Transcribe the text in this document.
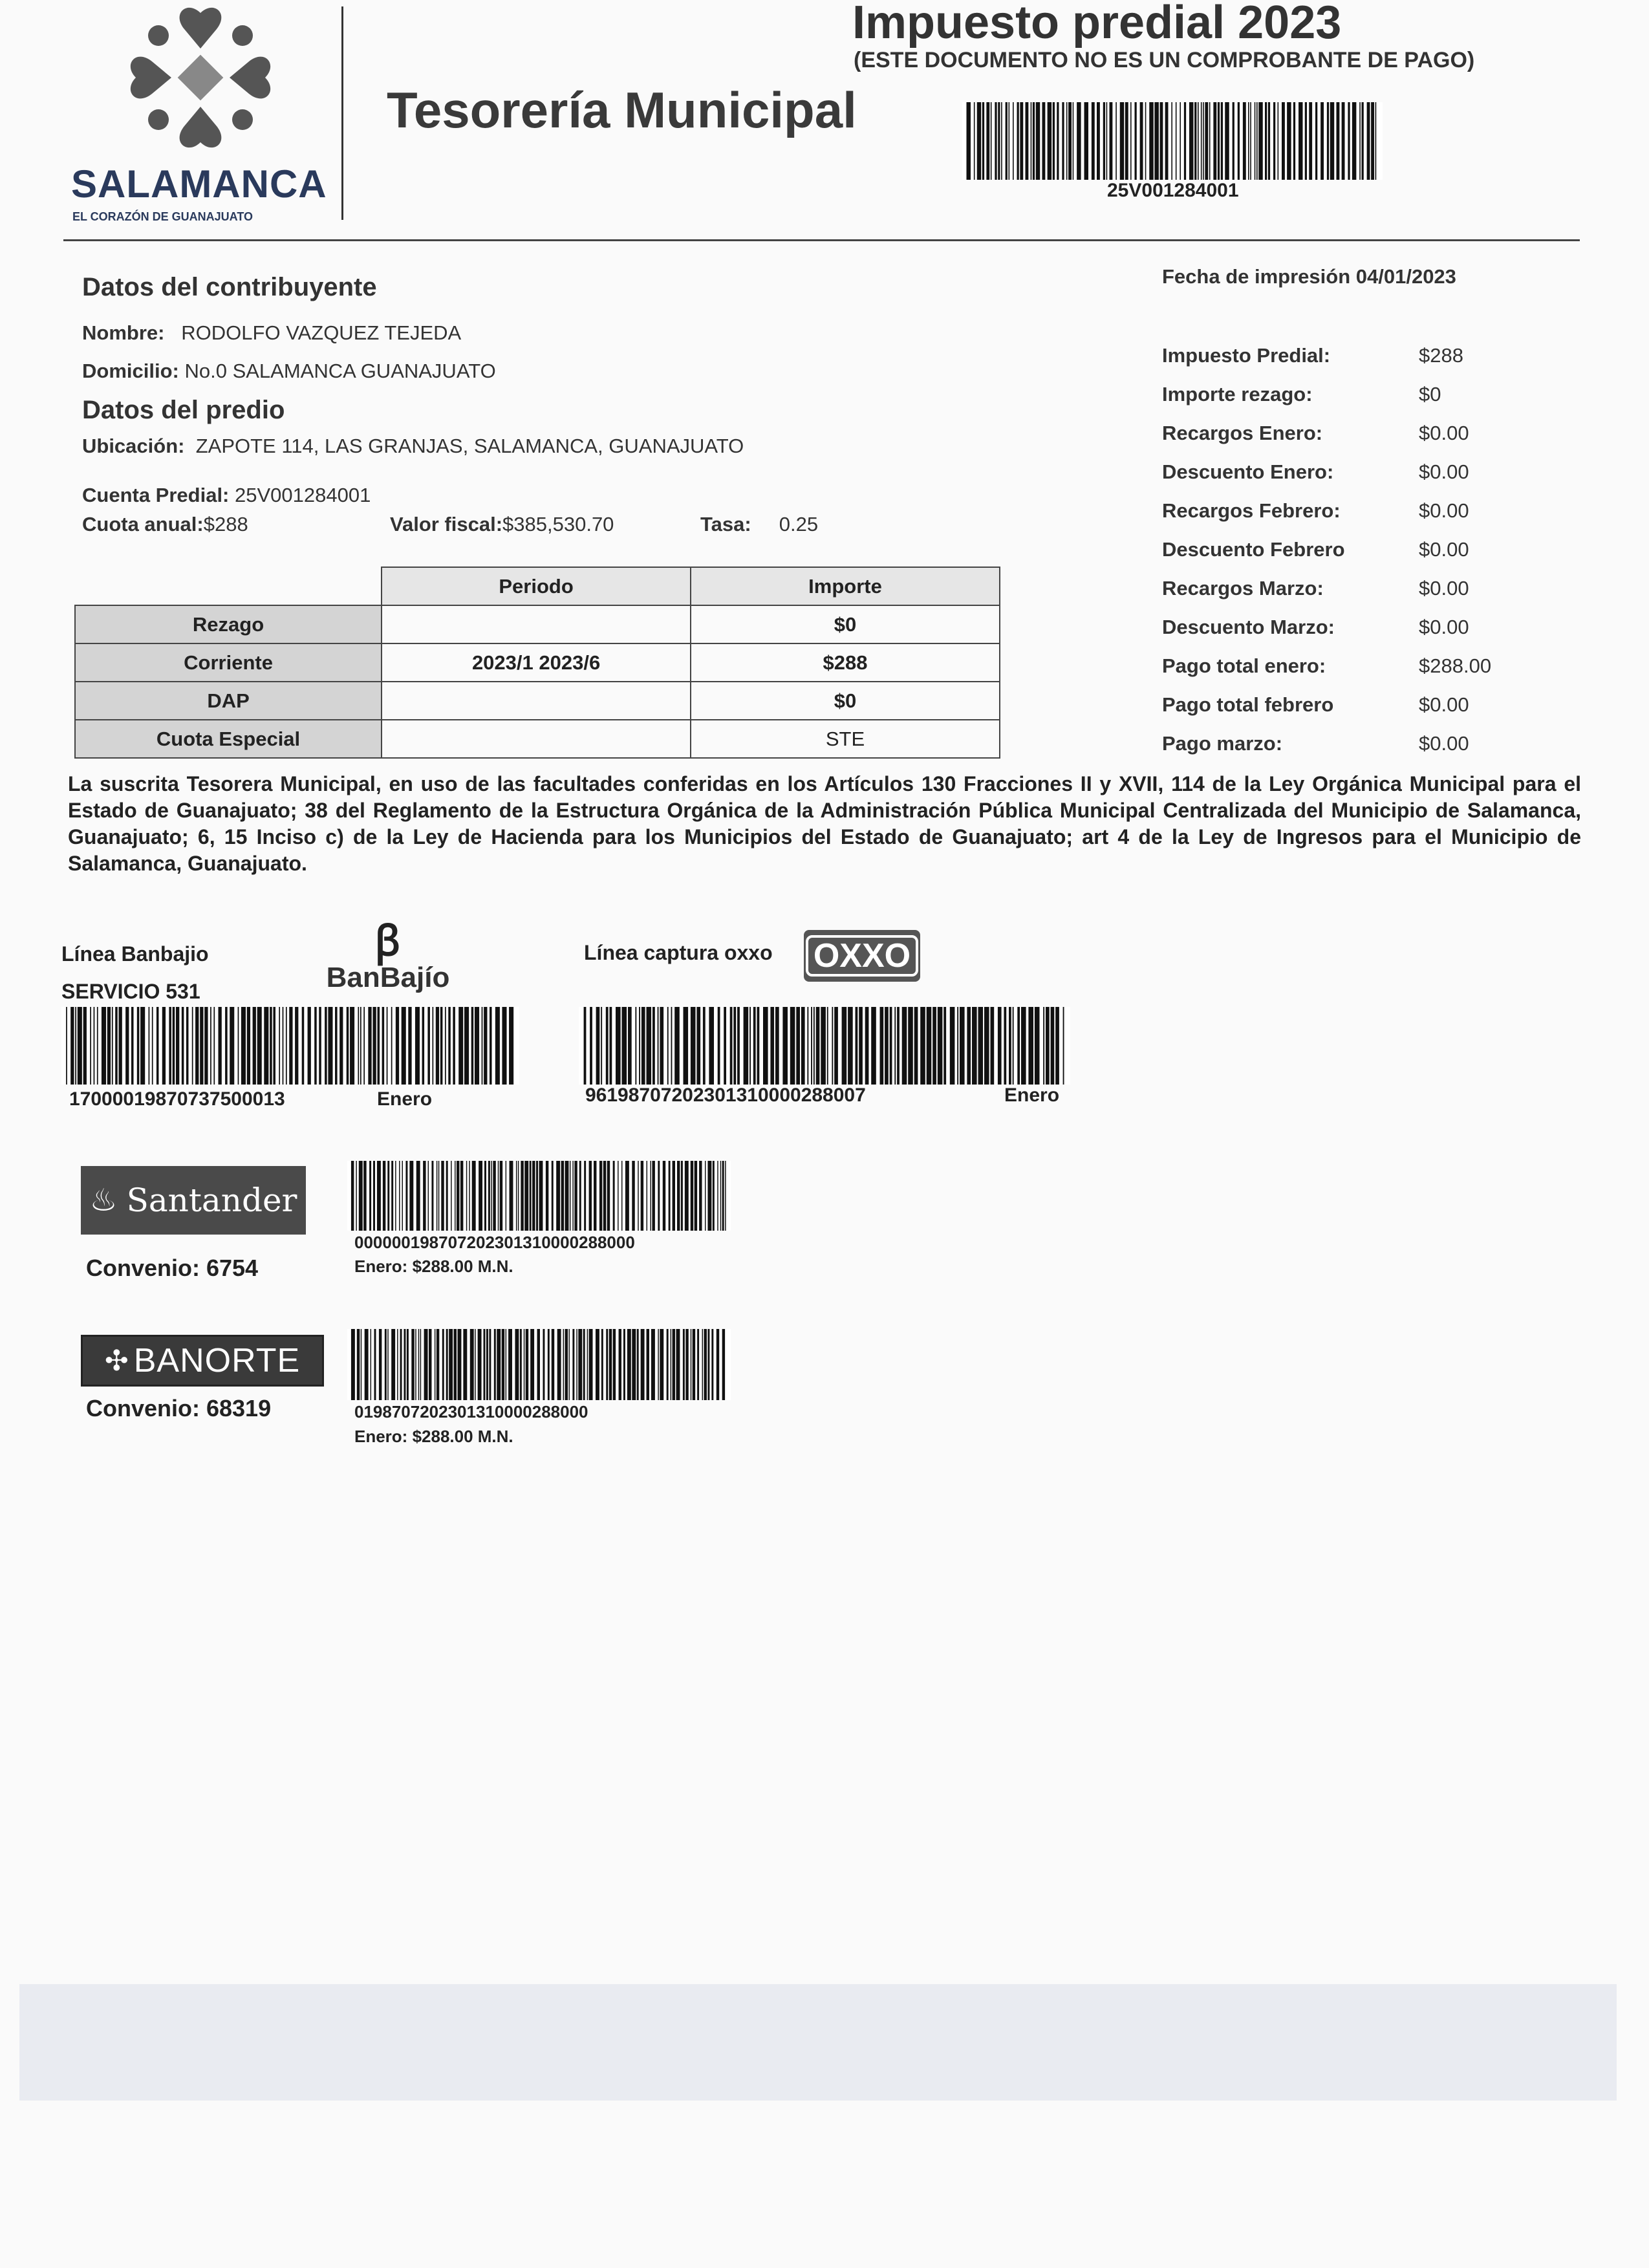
SALAMANCA
EL CORAZÓN DE GUANAJUATO
Tesorería Municipal
Impuesto predial 2023
(ESTE DOCUMENTO NO ES UN COMPROBANTE DE PAGO)
25V001284001
Datos del contribuyente
Nombre: RODOLFO VAZQUEZ TEJEDA
Domicilio: No.0 SALAMANCA GUANAJUATO
Datos del predio
Ubicación: ZAPOTE 114, LAS GRANJAS, SALAMANCA, GUANAJUATO
Cuenta Predial: 25V001284001
Cuota anual:$288	Valor fiscal:$385,530.70	Tasa: 0.25
	Periodo	Importe
Rezago		$0
Corriente	2023/1 2023/6	$288
DAP		$0
Cuota Especial		STE
Fecha de impresión 04/01/2023
Impuesto Predial:	$288
Importe rezago:	$0
Recargos Enero:	$0.00
Descuento Enero:	$0.00
Recargos Febrero:	$0.00
Descuento Febrero	$0.00
Recargos Marzo:	$0.00
Descuento Marzo:	$0.00
Pago total enero:	$288.00
Pago total febrero	$0.00
Pago marzo:	$0.00
La suscrita Tesorera Municipal, en uso de las facultades conferidas en los Artículos 130 Fracciones II y XVII, 114 de la Ley Orgánica Municipal para el Estado de Guanajuato; 38 del Reglamento de la Estructura Orgánica de la Administración Pública Municipal Centralizada del Municipio de Salamanca, Guanajuato; 6, 15 Inciso c) de la Ley de Hacienda para los Municipios del Estado de Guanajuato; art 4 de la Ley de Ingresos para el Municipio de Salamanca, Guanajuato.
Línea Banbajio
SERVICIO 531
ꞵ
BanBajío
17000019870737500013	Enero
Línea captura oxxo OXXO
961987072023013100002880​07	Enero
♨ Santander
Convenio: 6754
00000019870720230131000028800​0
Enero: $288.00 M.N.
✣ BANORTE
Convenio: 68319	019870720230131000028800​0
Enero: $288.00 M.N.
